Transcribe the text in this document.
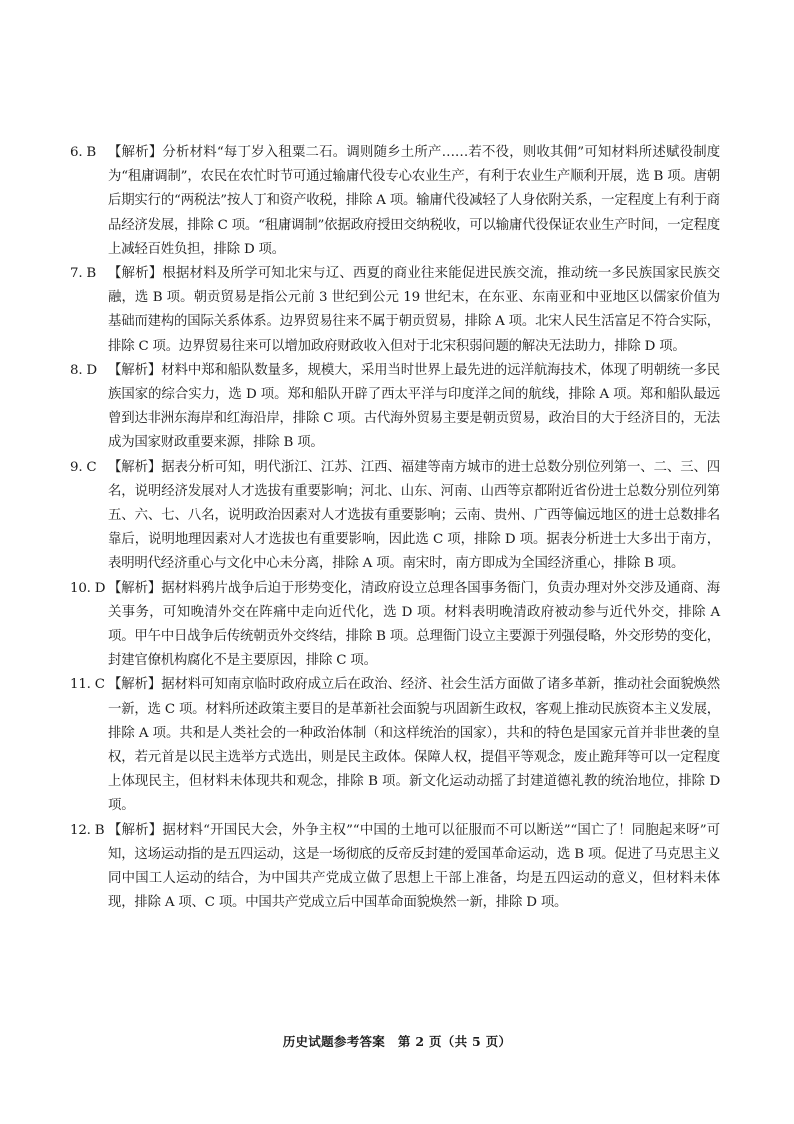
6. B 【解析】分析材料“每丁岁入租粟二石。调则随乡土所产……若不役，则收其佣”可知材料所述赋役制度为“租庸调制”，农民在农忙时节可通过输庸代役专心农业生产，有利于农业生产顺利开展，选 B 项。唐朝后期实行的“两税法”按人丁和资产收税，排除 A 项。输庸代役减轻了人身依附关系，一定程度上有利于商品经济发展，排除 C 项。“租庸调制”依据政府授田交纳税收，可以输庸代役保证农业生产时间，一定程度上减轻百姓负担，排除 D 项。
7. B 【解析】根据材料及所学可知北宋与辽、西夏的商业往来能促进民族交流，推动统一多民族国家民族交融，选 B 项。朝贡贸易是指公元前 3 世纪到公元 19 世纪末，在东亚、东南亚和中亚地区以儒家价值为基础而建构的国际关系体系。边界贸易往来不属于朝贡贸易，排除 A 项。北宋人民生活富足不符合实际，排除 C 项。边界贸易往来可以增加政府财政收入但对于北宋积弱问题的解决无法助力，排除 D 项。
8. D 【解析】材料中郑和船队数量多，规模大，采用当时世界上最先进的远洋航海技术，体现了明朝统一多民族国家的综合实力，选 D 项。郑和船队开辟了西太平洋与印度洋之间的航线，排除 A 项。郑和船队最远曾到达非洲东海岸和红海沿岸，排除 C 项。古代海外贸易主要是朝贡贸易，政治目的大于经济目的，无法成为国家财政重要来源，排除 B 项。
9. C 【解析】据表分析可知，明代浙江、江苏、江西、福建等南方城市的进士总数分别位列第一、二、三、四名，说明经济发展对人才选拔有重要影响；河北、山东、河南、山西等京都附近省份进士总数分别位列第五、六、七、八名，说明政治因素对人才选拔有重要影响；云南、贵州、广西等偏远地区的进士总数排名靠后，说明地理因素对人才选拔也有重要影响，因此选 C 项，排除 D 项。据表分析进士大多出于南方，表明明代经济重心与文化中心未分离，排除 A 项。南宋时，南方即成为全国经济重心，排除 B 项。
10. D 【解析】据材料鸦片战争后迫于形势变化，清政府设立总理各国事务衙门，负责办理对外交涉及通商、海关事务，可知晚清外交在阵痛中走向近代化，选 D 项。材料表明晚清政府被动参与近代外交，排除 A 项。甲午中日战争后传统朝贡外交终结，排除 B 项。总理衙门设立主要源于列强侵略，外交形势的变化，封建官僚机构腐化不是主要原因，排除 C 项。
11. C 【解析】据材料可知南京临时政府成立后在政治、经济、社会生活方面做了诸多革新，推动社会面貌焕然一新，选 C 项。材料所述政策主要目的是革新社会面貌与巩固新生政权，客观上推动民族资本主义发展，排除 A 项。共和是人类社会的一种政治体制（和这样统治的国家），共和的特色是国家元首并非世袭的皇权，若元首是以民主选举方式选出，则是民主政体。保障人权，提倡平等观念，废止跪拜等可以一定程度上体现民主，但材料未体现共和观念，排除 B 项。新文化运动动摇了封建道德礼教的统治地位，排除 D 项。
12. B 【解析】据材料“开国民大会，外争主权”“中国的土地可以征服而不可以断送”“国亡了！同胞起来呀”可知，这场运动指的是五四运动，这是一场彻底的反帝反封建的爱国革命运动，选 B 项。促进了马克思主义同中国工人运动的结合，为中国共产党成立做了思想上干部上准备，均是五四运动的意义，但材料未体现，排除 A 项、C 项。中国共产党成立后中国革命面貌焕然一新，排除 D 项。
历史试题参考答案　第 2 页（共 5 页）
